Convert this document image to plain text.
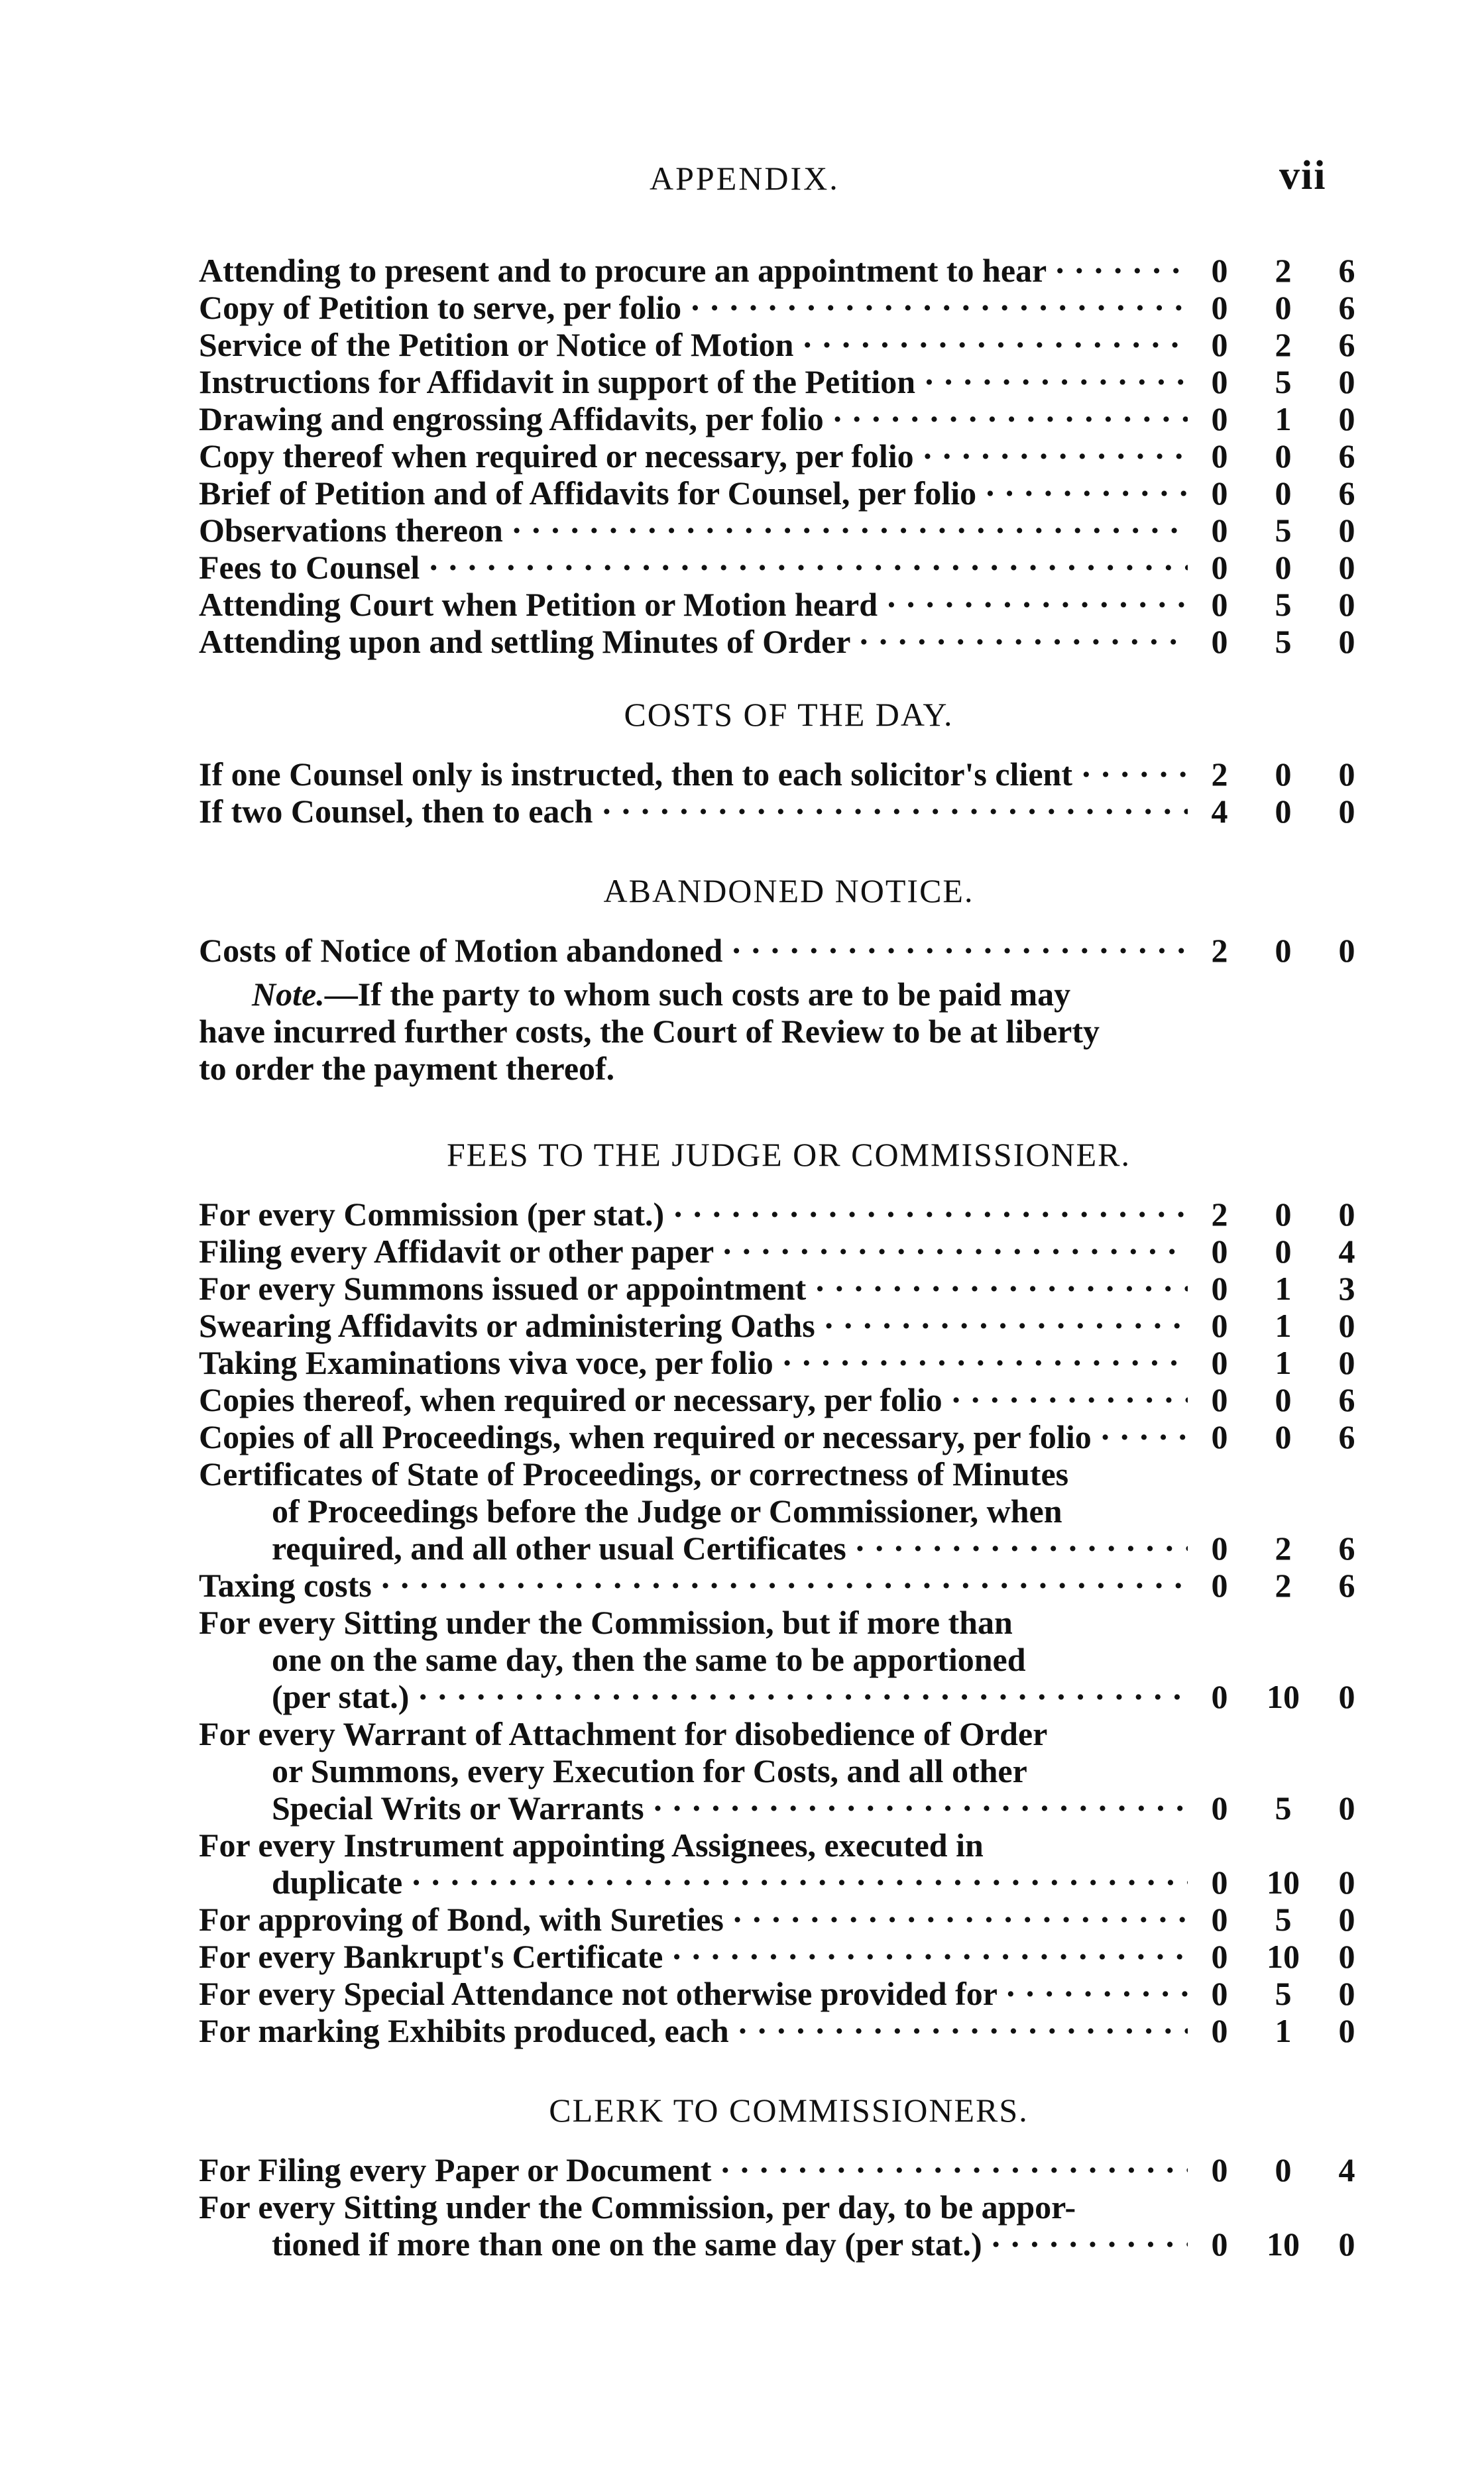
APPENDIX.	vii
Attending to present and to procure an appointment to hear · · ·	0	2	6
Copy of Petition to serve, per folio · · ·	0	0	6
Service of the Petition or Notice of Motion · · ·	0	2	6
Instructions for Affidavit in support of the Petition · · ·	0	5	0
Drawing and engrossing Affidavits, per folio · · ·	0	1	0
Copy thereof when required or necessary, per folio · · ·	0	0	6
Brief of Petition and of Affidavits for Counsel, per folio · · ·	0	0	6
Observations thereon · · ·	0	5	0
Fees to Counsel · · ·	0	0	0
Attending Court when Petition or Motion heard · · ·	0	5	0
Attending upon and settling Minutes of Order · · ·	0	5	0
COSTS OF THE DAY.
If one Counsel only is instructed, then to each solicitor's client · · ·	2	0	0
If two Counsel, then to each · · ·	4	0	0
ABANDONED NOTICE.
Costs of Notice of Motion abandoned · · ·	2	0	0
Note.—If the party to whom such costs are to be paid may
have incurred further costs, the Court of Review to be at liberty
to order the payment thereof.
FEES TO THE JUDGE OR COMMISSIONER.
For every Commission (per stat.) · · ·	2	0	0
Filing every Affidavit or other paper · · ·	0	0	4
For every Summons issued or appointment · · ·	0	1	3
Swearing Affidavits or administering Oaths · · ·	0	1	0
Taking Examinations viva voce, per folio · · ·	0	1	0
Copies thereof, when required or necessary, per folio · · ·	0	0	6
Copies of all Proceedings, when required or necessary, per folio · · ·	0	0	6
Certificates of State of Proceedings, or correctness of Minutes
of Proceedings before the Judge or Commissioner, when
required, and all other usual Certificates · · ·	0	2	6
Taxing costs · · ·	0	2	6
For every Sitting under the Commission, but if more than
one on the same day, then the same to be apportioned
(per stat.) · · ·	0	10	0
For every Warrant of Attachment for disobedience of Order
or Summons, every Execution for Costs, and all other
Special Writs or Warrants · · ·	0	5	0
For every Instrument appointing Assignees, executed in
duplicate · · ·	0	10	0
For approving of Bond, with Sureties · · ·	0	5	0
For every Bankrupt's Certificate · · ·	0	10	0
For every Special Attendance not otherwise provided for · · ·	0	5	0
For marking Exhibits produced, each · · ·	0	1	0
CLERK TO COMMISSIONERS.
For Filing every Paper or Document · · ·	0	0	4
For every Sitting under the Commission, per day, to be appor-
tioned if more than one on the same day (per stat.) · · ·	0	10	0
